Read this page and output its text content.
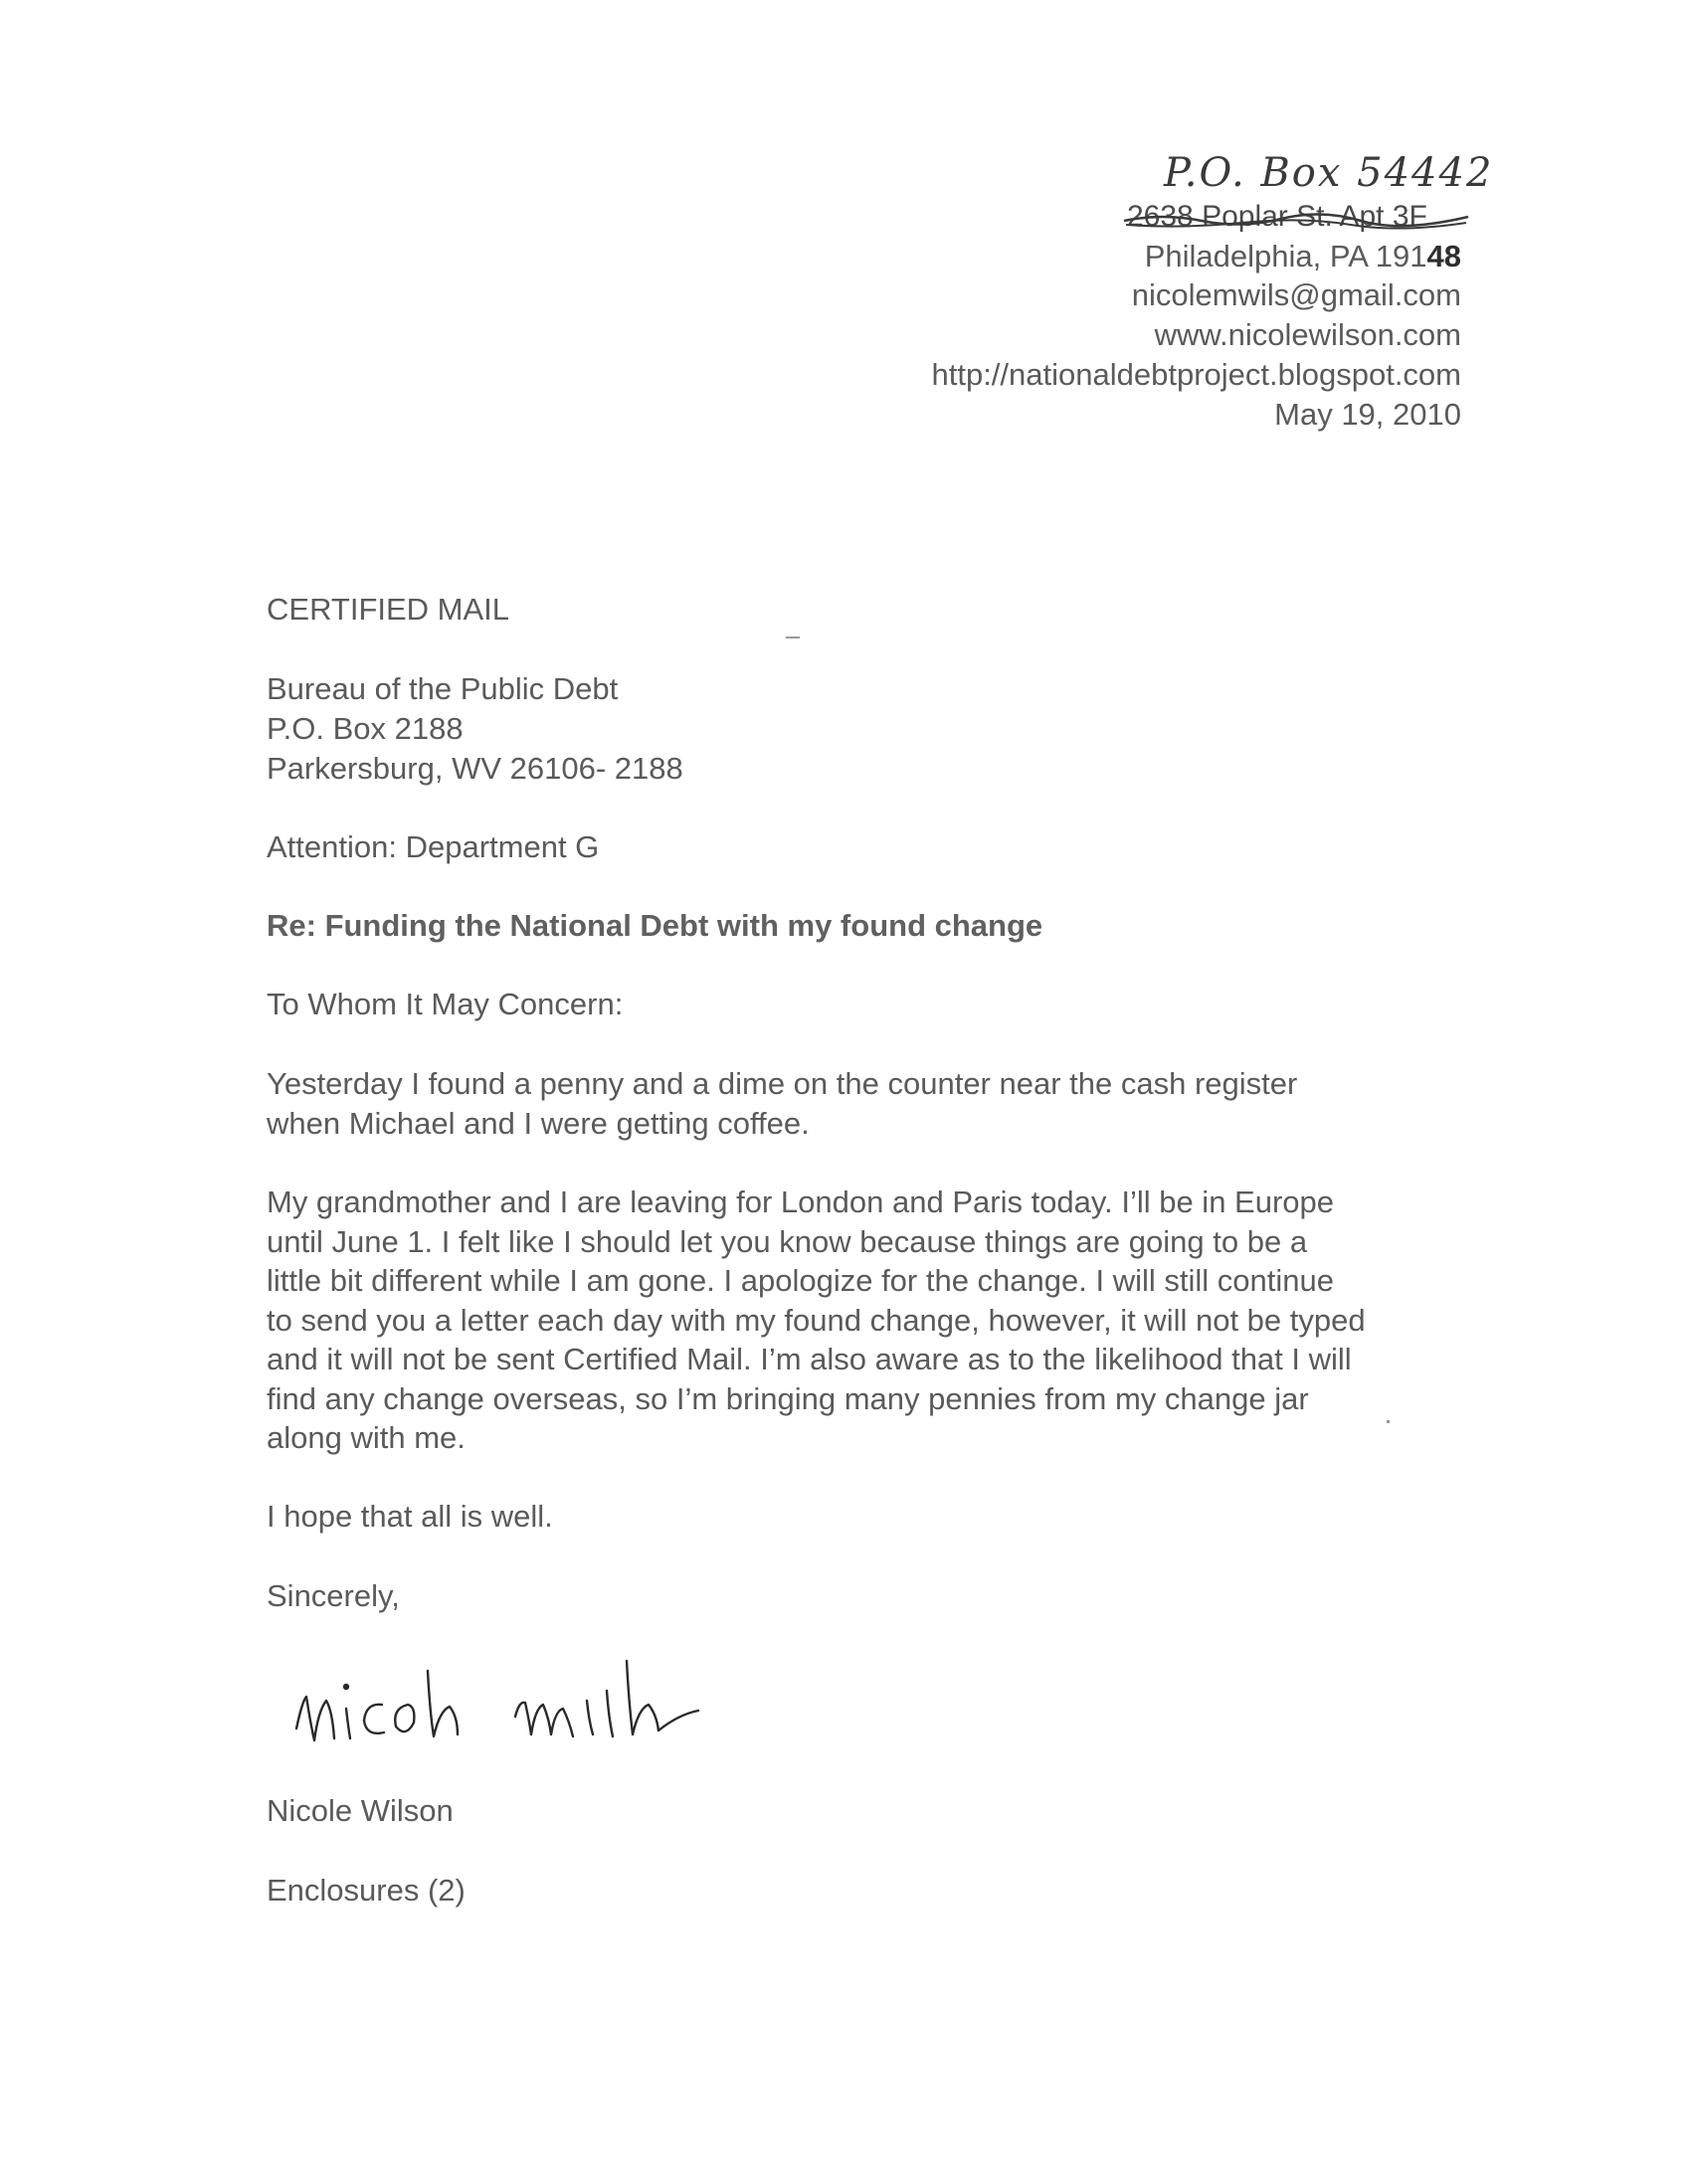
P.O. Box 54442
2638 Poplar St. Apt 3F
Philadelphia, PA 19148
nicolemwils@gmail.com
www.nicolewilson.com
http://nationaldebtproject.blogspot.com
May 19, 2010
CERTIFIED MAIL
Bureau of the Public Debt
P.O. Box 2188
Parkersburg, WV 26106- 2188
Attention: Department G
Re: Funding the National Debt with my found change
To Whom It May Concern:
Yesterday I found a penny and a dime on the counter near the cash register
when Michael and I were getting coffee.
My grandmother and I are leaving for London and Paris today. I’ll be in Europe
until June 1. I felt like I should let you know because things are going to be a
little bit different while I am gone. I apologize for the change. I will still continue
to send you a letter each day with my found change, however, it will not be typed
and it will not be sent Certified Mail. I’m also aware as to the likelihood that I will
find any change overseas, so I’m bringing many pennies from my change jar
along with me.
I hope that all is well.
Sincerely,
Nicole Wilson
Enclosures (2)
